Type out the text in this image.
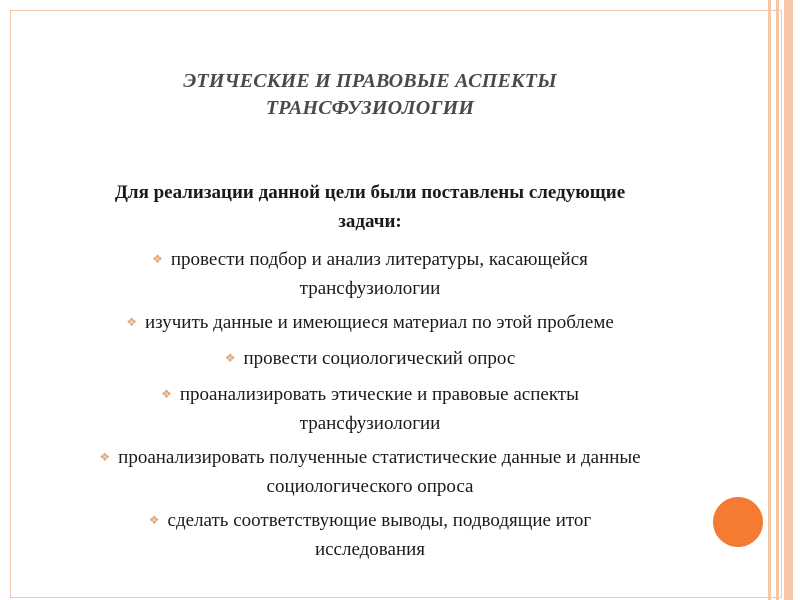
ЭТИЧЕСКИЕ И ПРАВОВЫЕ АСПЕКТЫ
ТРАНСФУЗИОЛОГИИ
Для реализации данной цели были поставлены следующие
задачи:
❖ провести подбор и анализ литературы, касающейся
трансфузиологии
❖ изучить данные и имеющиеся материал по этой проблеме
❖ провести социологический опрос
❖ проанализировать этические и правовые аспекты
трансфузиологии
❖ проанализировать полученные статистические данные и данные
социологического опроса
❖ сделать соответствующие выводы, подводящие итог
исследования
